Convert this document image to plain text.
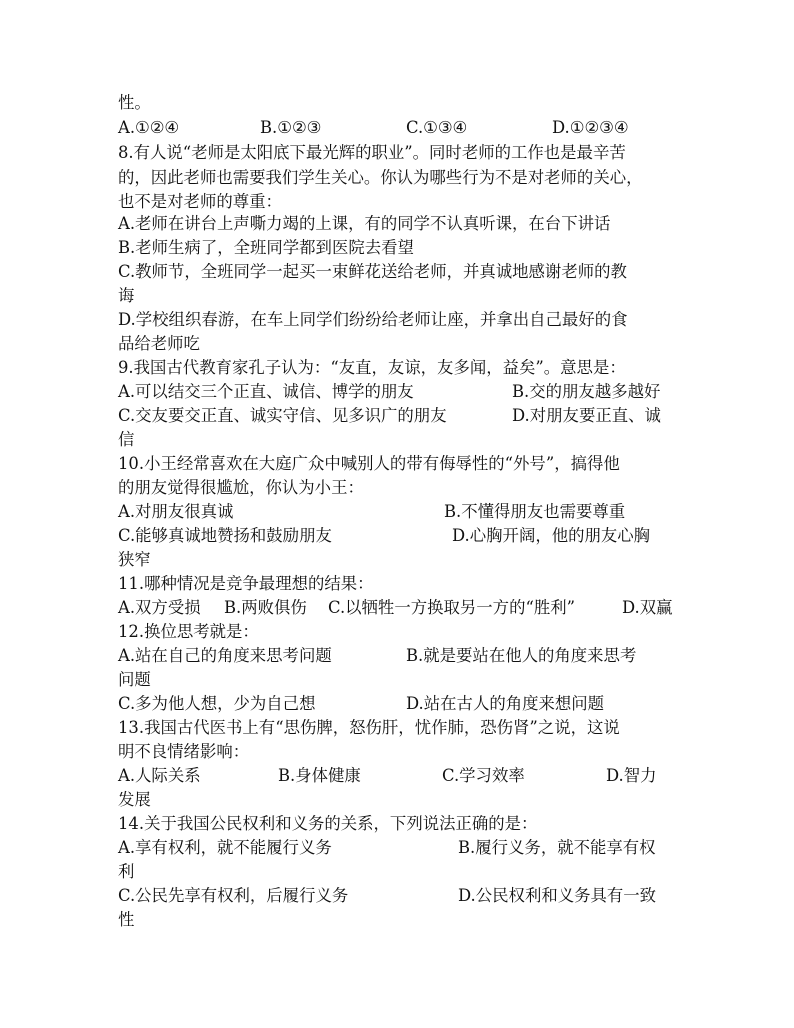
性。
A.①②④	B.①②③	C.①③④	D.①②③④
8.有人说“老师是太阳底下最光辉的职业”。同时老师的工作也是最辛苦
的，因此老师也需要我们学生关心。你认为哪些行为不是对老师的关心，
也不是对老师的尊重：
A.老师在讲台上声嘶力竭的上课，有的同学不认真听课，在台下讲话
B.老师生病了，全班同学都到医院去看望
C.教师节，全班同学一起买一束鲜花送给老师，并真诚地感谢老师的教
诲
D.学校组织春游，在车上同学们纷纷给老师让座，并拿出自己最好的食
品给老师吃
9.我国古代教育家孔子认为：“友直，友谅，友多闻，益矣”。意思是：
A.可以结交三个正直、诚信、博学的朋友	B.交的朋友越多越好
C.交友要交正直、诚实守信、见多识广的朋友	D.对朋友要正直、诚
信
10.小王经常喜欢在大庭广众中喊别人的带有侮辱性的“外号”，搞得他
的朋友觉得很尴尬，你认为小王：
A.对朋友很真诚	B.不懂得朋友也需要尊重
C.能够真诚地赞扬和鼓励朋友	D.心胸开阔，他的朋友心胸
狭窄
11.哪种情况是竞争最理想的结果：
A.双方受损 B.两败俱伤 C.以牺牲一方换取另一方的“胜利”	D.双赢
12.换位思考就是：
A.站在自己的角度来思考问题	B.就是要站在他人的角度来思考
问题
C.多为他人想，少为自己想	D.站在古人的角度来想问题
13.我国古代医书上有“思伤脾，怒伤肝，忧作肺，恐伤肾”之说，这说
明不良情绪影响：
A.人际关系	B.身体健康	C.学习效率	D.智力
发展
14.关于我国公民权利和义务的关系，下列说法正确的是：
A.享有权利，就不能履行义务	B.履行义务，就不能享有权
利
C.公民先享有权利，后履行义务	D.公民权利和义务具有一致
性
